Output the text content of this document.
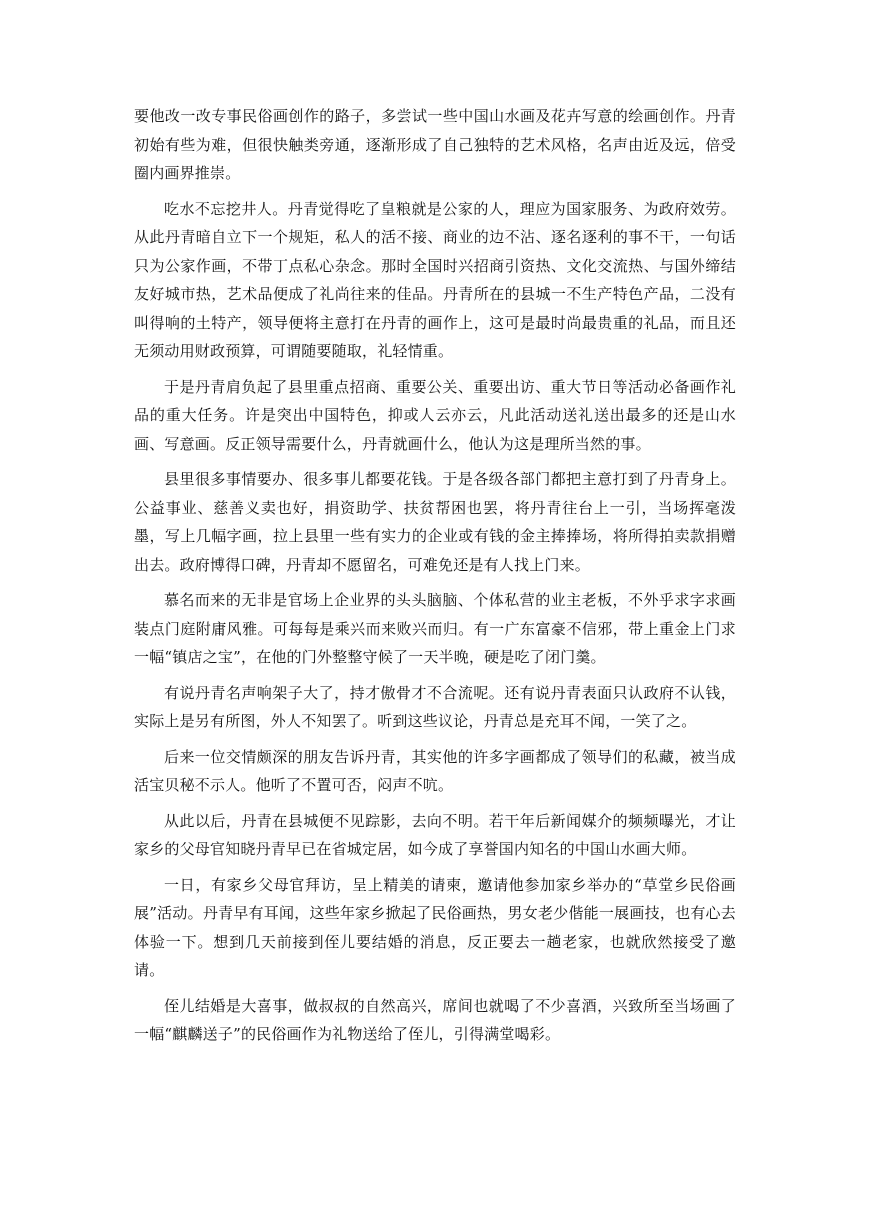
要他改一改专事民俗画创作的路子，多尝试一些中国山水画及花卉写意的绘画创作。丹青初始有些为难，但很快触类旁通，逐渐形成了自己独特的艺术风格，名声由近及远，倍受圈内画界推崇。

吃水不忘挖井人。丹青觉得吃了皇粮就是公家的人，理应为国家服务、为政府效劳。从此丹青暗自立下一个规矩，私人的活不接、商业的边不沾、逐名逐利的事不干，一句话只为公家作画，不带丁点私心杂念。那时全国时兴招商引资热、文化交流热、与国外缔结友好城市热，艺术品便成了礼尚往来的佳品。丹青所在的县城一不生产特色产品，二没有叫得响的土特产，领导便将主意打在丹青的画作上，这可是最时尚最贵重的礼品，而且还无须动用财政预算，可谓随要随取，礼轻情重。

于是丹青肩负起了县里重点招商、重要公关、重要出访、重大节日等活动必备画作礼品的重大任务。许是突出中国特色，抑或人云亦云，凡此活动送礼送出最多的还是山水画、写意画。反正领导需要什么，丹青就画什么，他认为这是理所当然的事。

县里很多事情要办、很多事儿都要花钱。于是各级各部门都把主意打到了丹青身上。公益事业、慈善义卖也好，捐资助学、扶贫帮困也罢，将丹青往台上一引，当场挥毫泼墨，写上几幅字画，拉上县里一些有实力的企业或有钱的金主捧捧场，将所得拍卖款捐赠出去。政府博得口碑，丹青却不愿留名，可难免还是有人找上门来。

慕名而来的无非是官场上企业界的头头脑脑、个体私营的业主老板，不外乎求字求画装点门庭附庸风雅。可每每是乘兴而来败兴而归。有一广东富豪不信邪，带上重金上门求一幅“镇店之宝”，在他的门外整整守候了一天半晚，硬是吃了闭门羹。

有说丹青名声响架子大了，持才傲骨才不合流呢。还有说丹青表面只认政府不认钱，实际上是另有所图，外人不知罢了。听到这些议论，丹青总是充耳不闻，一笑了之。

后来一位交情颇深的朋友告诉丹青，其实他的许多字画都成了领导们的私藏，被当成活宝贝秘不示人。他听了不置可否，闷声不吭。

从此以后，丹青在县城便不见踪影，去向不明。若干年后新闻媒介的频频曝光，才让家乡的父母官知晓丹青早已在省城定居，如今成了享誉国内知名的中国山水画大师。

一日，有家乡父母官拜访，呈上精美的请柬，邀请他参加家乡举办的“草堂乡民俗画展”活动。丹青早有耳闻，这些年家乡掀起了民俗画热，男女老少偕能一展画技，也有心去体验一下。想到几天前接到侄儿要结婚的消息，反正要去一趟老家，也就欣然接受了邀请。

侄儿结婚是大喜事，做叔叔的自然高兴，席间也就喝了不少喜酒，兴致所至当场画了一幅“麒麟送子”的民俗画作为礼物送给了侄儿，引得满堂喝彩。
